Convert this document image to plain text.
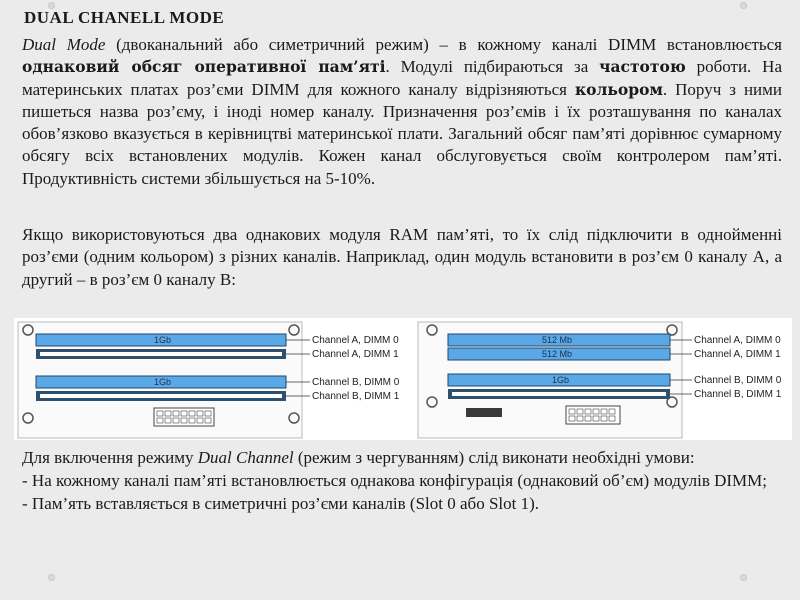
DUAL CHANELL MODE
Dual Mode (двоканальний або симетричний режим) – в кожному каналі DIMM встановлюється однаковий обсяг оперативної пам’яті. Модулі підбираються за частотою роботи. На материнських платах роз’єми DIMM для кожного каналу відрізняються кольором. Поруч з ними пишеться назва роз’єму, і іноді номер каналу. Призначення роз’ємів і їх розташування по каналах обов’язково вказується в керівництві материнської плати. Загальний обсяг пам’яті дорівнює сумарному обсягу всіх встановлених модулів. Кожен канал обслуговується своїм контролером пам’яті. Продуктивність системи збільшується на 5-10%.
Якщо використовуються два однакових модуля RAM пам’яті, то їх слід підключити в однойменні роз’єми (одним кольором) з різних каналів. Наприклад, один модуль встановити в роз’єм 0 каналу А, а другий – в роз’єм 0 каналу B:
1Gb
1Gb
Channel A, DIMM 0
Channel A, DIMM 1
Channel B, DIMM 0
Channel B, DIMM 1
512 Mb
512 Mb
1Gb
Channel A, DIMM 0
Channel A, DIMM 1
Channel B, DIMM 0
Channel B, DIMM 1
Для включення режиму Dual Channel (режим з чергуванням) слід виконати необхідні умови:
- На кожному каналі пам’яті встановлюється однакова конфігурація (однаковий об’єм) модулів DIMM;
- Пам’ять вставляється в симетричні роз’єми каналів (Slot 0 або Slot 1).
